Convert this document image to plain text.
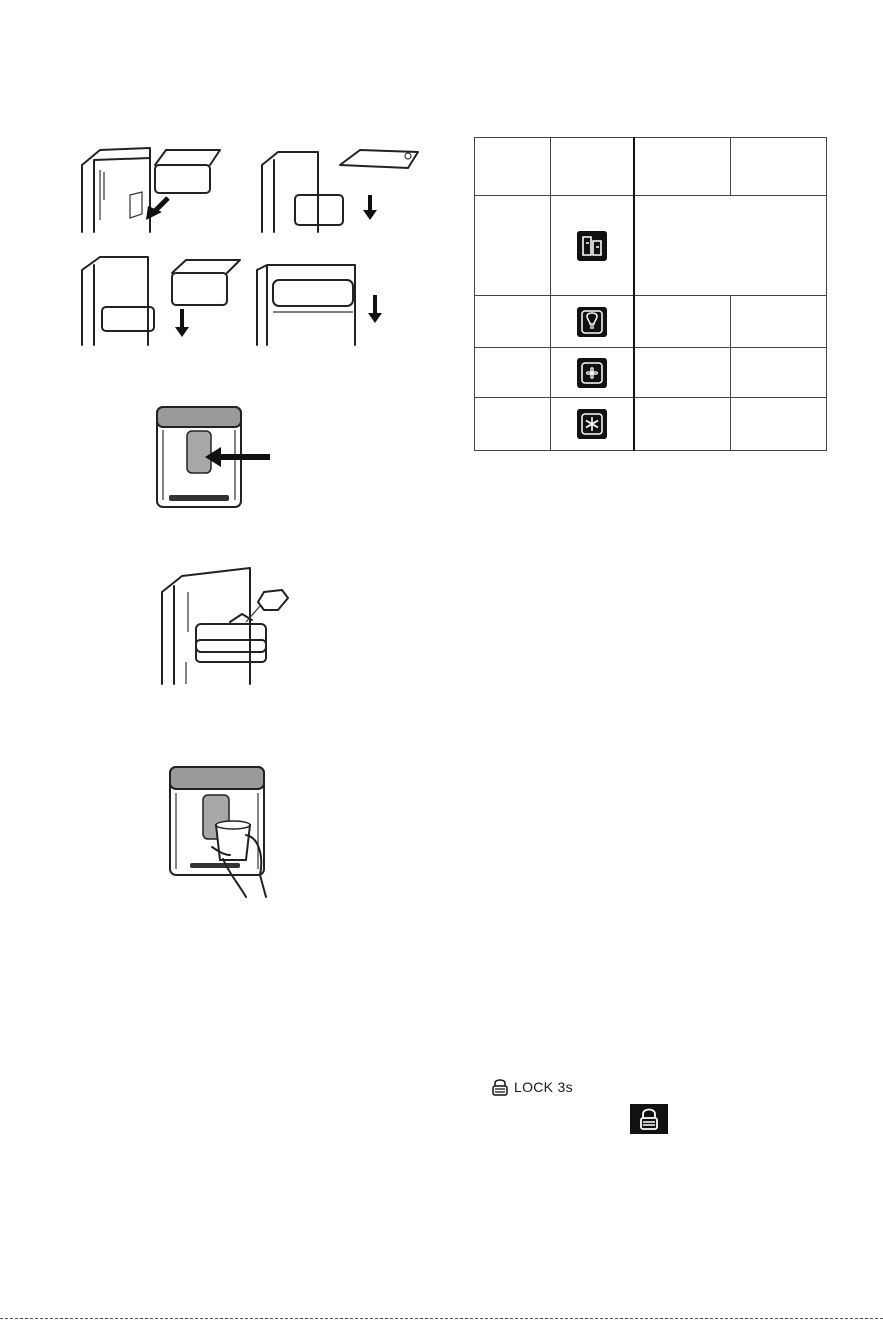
LOCK 3s
